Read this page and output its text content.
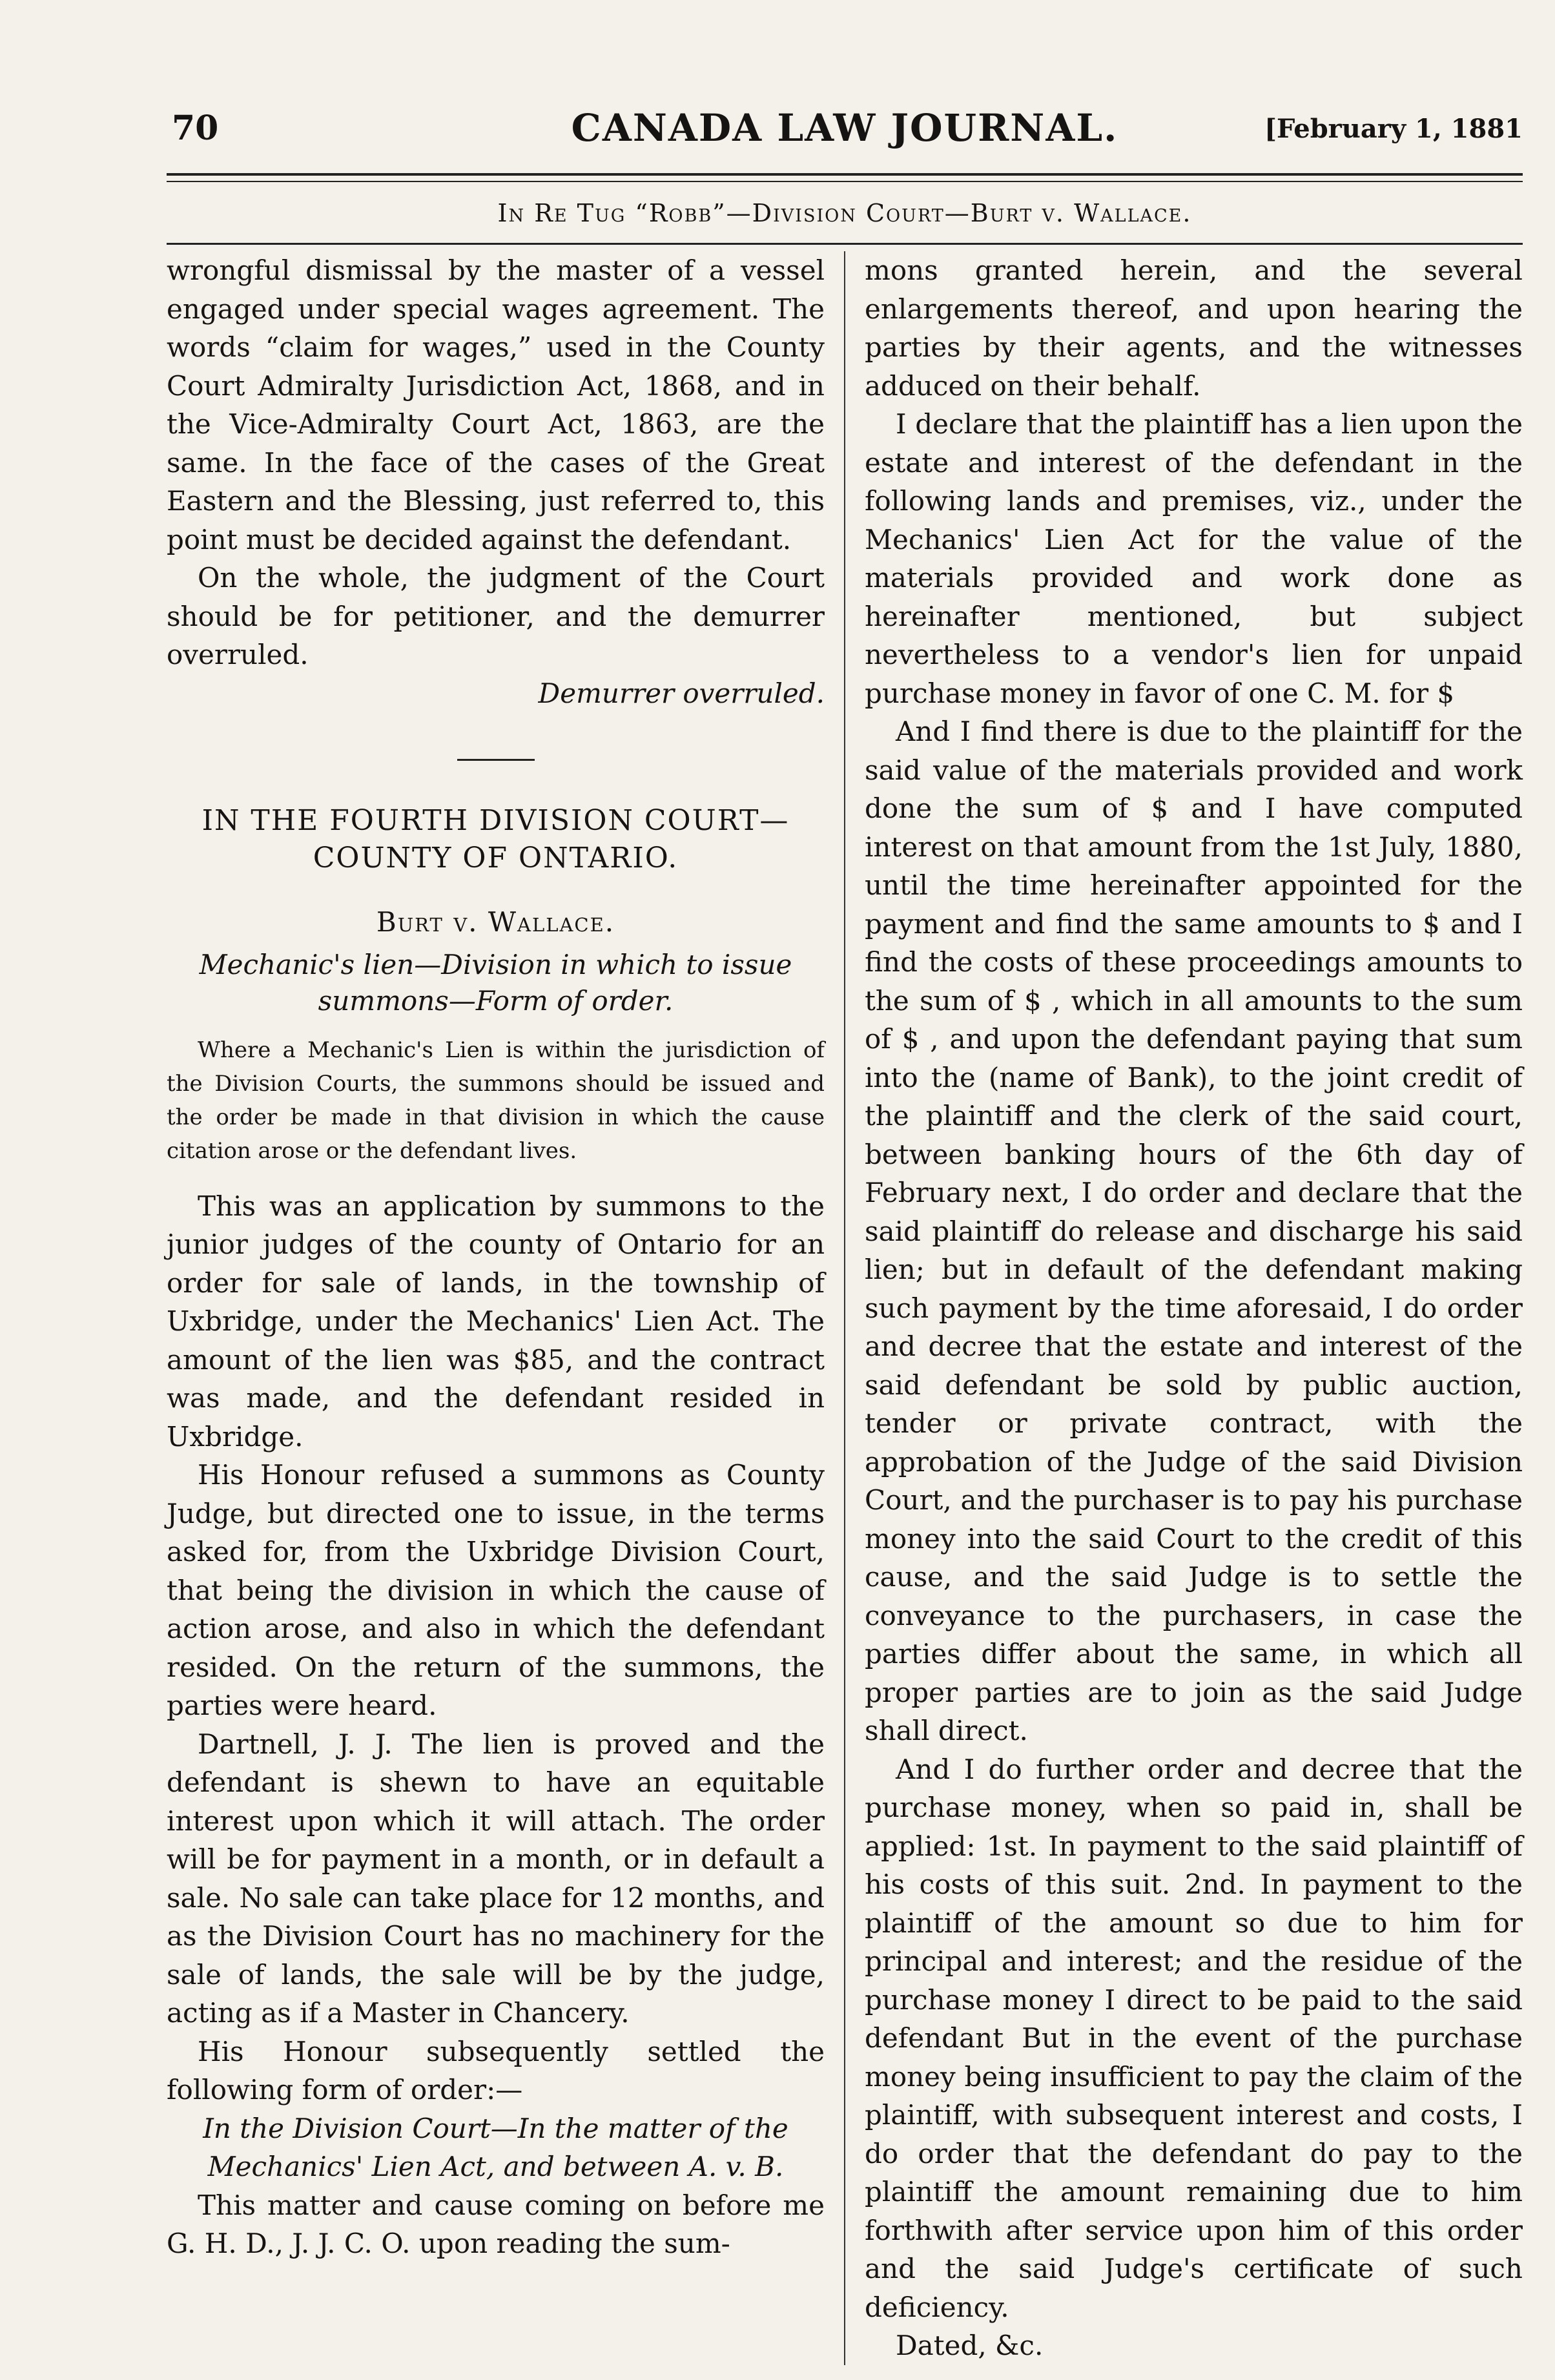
70	CANADA LAW JOURNAL.	[February 1, 1881
In Re Tug “Robb”—Division Court—Burt v. Wallace.

wrongful dismissal by the master of a vessel engaged under special wages agreement. The words “claim for wages,” used in the County Court Admiralty Jurisdiction Act, 1868, and in the Vice-Admiralty Court Act, 1863, are the same. In the face of the cases of the Great Eastern and the Blessing, just referred to, this point must be decided against the defendant.

On the whole, the judgment of the Court should be for petitioner, and the demurrer overruled.

Demurrer overruled.

IN THE FOURTH DIVISION COURT— COUNTY OF ONTARIO.
Burt v. Wallace.
Mechanic's lien—Division in which to issue summons—Form of order.
Where a Mechanic's Lien is within the jurisdiction of the Division Courts, the summons should be issued and the order be made in that division in which the cause citation arose or the defendant lives.

This was an application by summons to the junior judges of the county of Ontario for an order for sale of lands, in the township of Uxbridge, under the Mechanics' Lien Act. The amount of the lien was $85, and the contract was made, and the defendant resided in Uxbridge.

His Honour refused a summons as County Judge, but directed one to issue, in the terms asked for, from the Uxbridge Division Court, that being the division in which the cause of action arose, and also in which the defendant resided. On the return of the summons, the parties were heard.

Dartnell, J. J. The lien is proved and the defendant is shewn to have an equitable interest upon which it will attach. The order will be for payment in a month, or in default a sale. No sale can take place for 12 months, and as the Division Court has no machinery for the sale of lands, the sale will be by the judge, acting as if a Master in Chancery.

His Honour subsequently settled the following form of order:—

In the Division Court—In the matter of the Mechanics' Lien Act, and between A. v. B.

This matter and cause coming on before me G. H. D., J. J. C. O. upon reading the sum-

mons granted herein, and the several enlargements thereof, and upon hearing the parties by their agents, and the witnesses adduced on their behalf.

I declare that the plaintiff has a lien upon the estate and interest of the defendant in the following lands and premises, viz., under the Mechanics' Lien Act for the value of the materials provided and work done as hereinafter mentioned, but subject nevertheless to a vendor's lien for unpaid purchase money in favor of one C. M. for $

And I find there is due to the plaintiff for the said value of the materials provided and work done the sum of $ and I have computed interest on that amount from the 1st July, 1880, until the time hereinafter appointed for the payment and find the same amounts to $ and I find the costs of these proceedings amounts to the sum of $ , which in all amounts to the sum of $ , and upon the defendant paying that sum into the (name of Bank), to the joint credit of the plaintiff and the clerk of the said court, between banking hours of the 6th day of February next, I do order and declare that the said plaintiff do release and discharge his said lien; but in default of the defendant making such payment by the time aforesaid, I do order and decree that the estate and interest of the said defendant be sold by public auction, tender or private contract, with the approbation of the Judge of the said Division Court, and the purchaser is to pay his purchase money into the said Court to the credit of this cause, and the said Judge is to settle the conveyance to the purchasers, in case the parties differ about the same, in which all proper parties are to join as the said Judge shall direct.

And I do further order and decree that the purchase money, when so paid in, shall be applied: 1st. In payment to the said plaintiff of his costs of this suit. 2nd. In payment to the plaintiff of the amount so due to him for principal and interest; and the residue of the purchase money I direct to be paid to the said defendant But in the event of the purchase money being insufficient to pay the claim of the plaintiff, with subsequent interest and costs, I do order that the defendant do pay to the plaintiff the amount remaining due to him forthwith after service upon him of this order and the said Judge's certificate of such deficiency.

Dated, &c.
